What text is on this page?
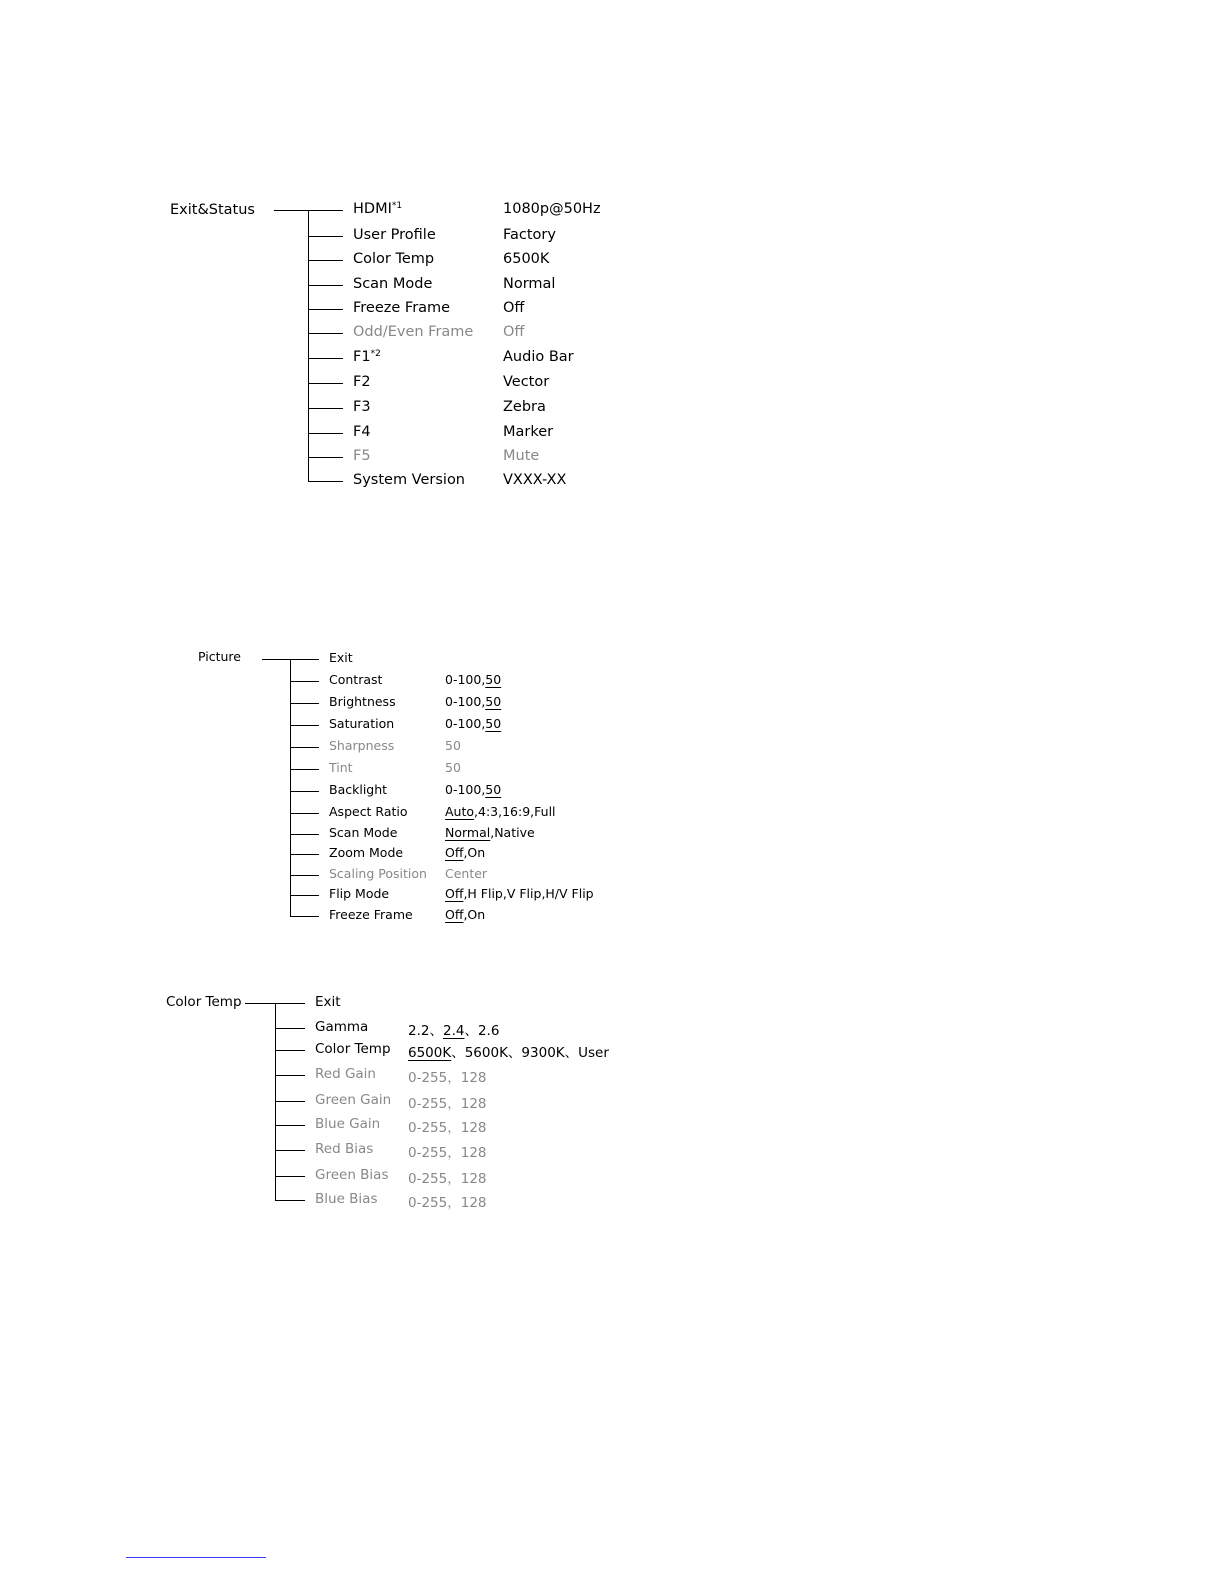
Exit&Status	HDMI$^{*1}$	1080p@50Hz
User Profile	Factory
Color Temp	6500K
Scan Mode	Normal
Freeze Frame	Off
Odd/Even Frame Off
F1$^{*2}$	Audio Bar
F2	Vector
F3	Zebra
F4	Marker
F5	Mute
System Version	VXXX-XX
Picture	Exit
Contrast	0-100,50
Brightness	0-100,50
Saturation	0-100,50
Sharpness	50
Tint	50
Backlight	0-100,50
Aspect Ratio	Auto,4:3,16:9,Full
Scan Mode	Normal,Native
Zoom Mode	Off,On
Scaling Position Center
Flip Mode	Off,H Flip,V Flip,H/V Flip
Freeze Frame	Off,On
Color Temp	Exit
Gamma	2.2、2.4、2.6
Color Temp 6500K、5600K、9300K、User
Red Gain 0-255，128
Green Gain 0-255，128
Blue Gain 0-255，128
Red Bias	0-255，128
Green Bias 0-255，128
Blue Bias 0-255，128
